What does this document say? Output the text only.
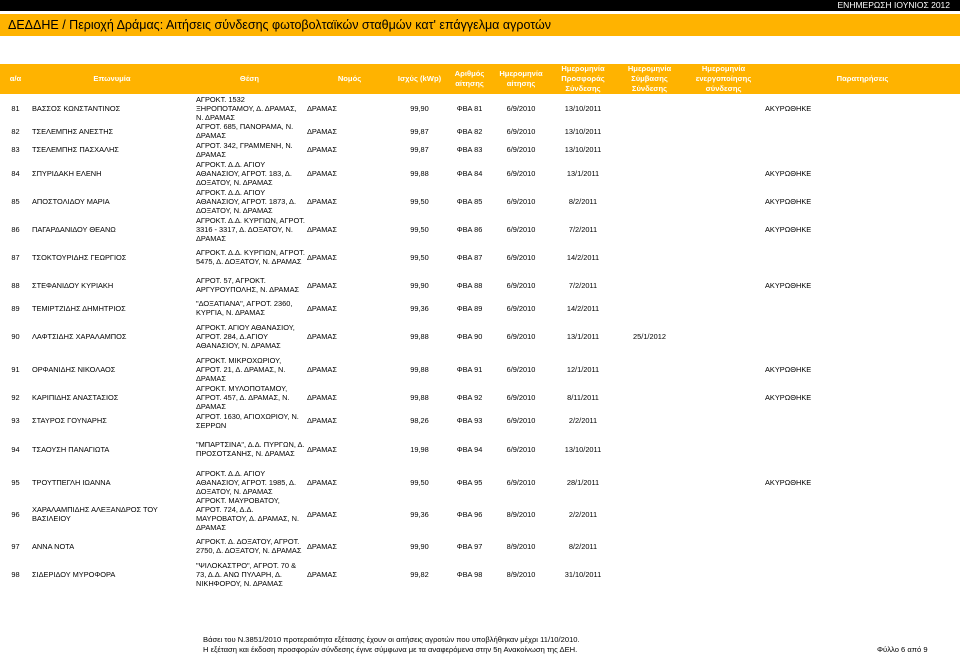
ΕΝΗΜΕΡΩΣΗ ΙΟΥΝΙΟΣ 2012
ΔΕΔΔΗΕ / Περιοχή Δράμας: Αιτήσεις σύνδεσης φωτοβολταϊκών σταθμών κατ' επάγγελμα αγροτών
α/α	Επωνυμία	Θέση	Νομός	Ισχύς (kWp)	Αριθμός αίτησης	Ημερομηνία αίτησης	Ημερομηνία Προσφοράς Σύνδεσης	Ημερομηνία Σύμβασης Σύνδεσης	Ημερομηνία ενεργοποίησης σύνδεσης	Παρατηρήσεις
81	ΒΑΣΣΟΣ ΚΩΝΣΤΑΝΤΙΝΟΣ	ΑΓΡΟΚΤ. 1532 ΞΗΡΟΠΟΤΑΜΟΥ, Δ. ΔΡΑΜΑΣ, Ν. ΔΡΑΜΑΣ	ΔΡΑΜΑΣ	99,90	ΦΒΑ 81	6/9/2010	13/10/2011			ΑΚΥΡΩΘΗΚΕ
82	ΤΣΕΛΕΜΠΗΣ ΑΝΕΣΤΗΣ	ΑΓΡΟΤ. 685, ΠΑΝΟΡΑΜΑ, Ν. ΔΡΑΜΑΣ	ΔΡΑΜΑΣ	99,87	ΦΒΑ 82	6/9/2010	13/10/2011			
83	ΤΣΕΛΕΜΠΗΣ ΠΑΣΧΑΛΗΣ	ΑΓΡΟΤ. 342, ΓΡΑΜΜΕΝΗ, Ν. ΔΡΑΜΑΣ	ΔΡΑΜΑΣ	99,87	ΦΒΑ 83	6/9/2010	13/10/2011			
84	ΣΠΥΡΙΔΑΚΗ ΕΛΕΝΗ	ΑΓΡΟΚΤ. Δ.Δ. ΑΓΙΟΥ ΑΘΑΝΑΣΙΟΥ, ΑΓΡΟΤ. 183, Δ. ΔΟΞΑΤΟΥ, Ν. ΔΡΑΜΑΣ	ΔΡΑΜΑΣ	99,88	ΦΒΑ 84	6/9/2010	13/1/2011			ΑΚΥΡΩΘΗΚΕ
85	ΑΠΟΣΤΟΛΙΔΟΥ ΜΑΡΙΑ	ΑΓΡΟΚΤ. Δ.Δ. ΑΓΙΟΥ ΑΘΑΝΑΣΙΟΥ, ΑΓΡΟΤ. 1873, Δ. ΔΟΞΑΤΟΥ, Ν. ΔΡΑΜΑΣ	ΔΡΑΜΑΣ	99,50	ΦΒΑ 85	6/9/2010	8/2/2011			ΑΚΥΡΩΘΗΚΕ
86	ΠΑΓΑΡΔΑΝΙΔΟΥ ΘΕΑΝΩ	ΑΓΡΟΚΤ. Δ.Δ. ΚΥΡΓΙΩΝ, ΑΓΡΟΤ. 3316 - 3317, Δ. ΔΟΞΑΤΟΥ, Ν. ΔΡΑΜΑΣ	ΔΡΑΜΑΣ	99,50	ΦΒΑ 86	6/9/2010	7/2/2011			ΑΚΥΡΩΘΗΚΕ
87	ΤΣΟΚΤΟΥΡΙΔΗΣ ΓΕΩΡΓΙΟΣ	ΑΓΡΟΚΤ. Δ.Δ. ΚΥΡΓΙΩΝ, ΑΓΡΟΤ. 5475, Δ. ΔΟΞΑΤΟΥ, Ν. ΔΡΑΜΑΣ	ΔΡΑΜΑΣ	99,50	ΦΒΑ 87	6/9/2010	14/2/2011			
88	ΣΤΕΦΑΝΙΔΟΥ ΚΥΡΙΑΚΗ	ΑΓΡΟΤ. 57, ΑΓΡΟΚΤ. ΑΡΓΥΡΟΥΠΟΛΗΣ, Ν. ΔΡΑΜΑΣ	ΔΡΑΜΑΣ	99,90	ΦΒΑ 88	6/9/2010	7/2/2011			ΑΚΥΡΩΘΗΚΕ
89	ΤΕΜΙΡΤΖΙΔΗΣ ΔΗΜΗΤΡΙΟΣ	"ΔΟΞΑΤΙΑΝΑ", ΑΓΡΟΤ. 2360, ΚΥΡΓΙΑ, Ν. ΔΡΑΜΑΣ	ΔΡΑΜΑΣ	99,36	ΦΒΑ 89	6/9/2010	14/2/2011			
90	ΛΑΦΤΣΙΔΗΣ ΧΑΡΑΛΑΜΠΟΣ	ΑΓΡΟΚΤ. ΑΓΙΟΥ ΑΘΑΝΑΣΙΟΥ, ΑΓΡΟΤ. 284, Δ.ΑΓΙΟΥ ΑΘΑΝΑΣΙΟΥ, Ν. ΔΡΑΜΑΣ	ΔΡΑΜΑΣ	99,88	ΦΒΑ 90	6/9/2010	13/1/2011	25/1/2012		
91	ΟΡΦΑΝΙΔΗΣ ΝΙΚΟΛΑΟΣ	ΑΓΡΟΚΤ. ΜΙΚΡΟΧΩΡΙΟΥ, ΑΓΡΟΤ. 21, Δ. ΔΡΑΜΑΣ, Ν. ΔΡΑΜΑΣ	ΔΡΑΜΑΣ	99,88	ΦΒΑ 91	6/9/2010	12/1/2011			ΑΚΥΡΩΘΗΚΕ
92	ΚΑΡΙΠΙΔΗΣ ΑΝΑΣΤΑΣΙΟΣ	ΑΓΡΟΚΤ. ΜΥΛΟΠΟΤΑΜΟΥ, ΑΓΡΟΤ. 457, Δ. ΔΡΑΜΑΣ, Ν. ΔΡΑΜΑΣ	ΔΡΑΜΑΣ	99,88	ΦΒΑ 92	6/9/2010	8/11/2011			ΑΚΥΡΩΘΗΚΕ
93	ΣΤΑΥΡΟΣ ΓΟΥΝΑΡΗΣ	ΑΓΡΟΤ. 1630, ΑΓΙΟΧΩΡΙΟΥ, Ν. ΣΕΡΡΩΝ	ΔΡΑΜΑΣ	98,26	ΦΒΑ 93	6/9/2010	2/2/2011			
94	ΤΣΑΟΥΣΗ ΠΑΝΑΓΙΩΤΑ	"ΜΠΑΡΤΣΙΝΑ", Δ.Δ. ΠΥΡΓΩΝ, Δ. ΠΡΟΣΟΤΣΑΝΗΣ, Ν. ΔΡΑΜΑΣ	ΔΡΑΜΑΣ	19,98	ΦΒΑ 94	6/9/2010	13/10/2011			
95	ΤΡΟΥΤΠΕΓΛΗ ΙΩΑΝΝΑ	ΑΓΡΟΚΤ. Δ.Δ. ΑΓΙΟΥ ΑΘΑΝΑΣΙΟΥ, ΑΓΡΟΤ. 1985, Δ. ΔΟΞΑΤΟΥ, Ν. ΔΡΑΜΑΣ	ΔΡΑΜΑΣ	99,50	ΦΒΑ 95	6/9/2010	28/1/2011			ΑΚΥΡΩΘΗΚΕ
96	ΧΑΡΑΛΑΜΠΙΔΗΣ ΑΛΕΞΑΝΔΡΟΣ ΤΟΥ ΒΑΣΙΛΕΙΟΥ	ΑΓΡΟΚΤ. ΜΑΥΡΟΒΑΤΟΥ, ΑΓΡΟΤ. 724, Δ.Δ. ΜΑΥΡΟΒΑΤΟΥ, Δ. ΔΡΑΜΑΣ, Ν. ΔΡΑΜΑΣ	ΔΡΑΜΑΣ	99,36	ΦΒΑ 96	8/9/2010	2/2/2011			
97	ΑΝΝΑ ΝΟΤΑ	ΑΓΡΟΚΤ. Δ. ΔΟΞΑΤΟΥ, ΑΓΡΟΤ. 2750, Δ. ΔΟΞΑΤΟΥ, Ν. ΔΡΑΜΑΣ	ΔΡΑΜΑΣ	99,90	ΦΒΑ 97	8/9/2010	8/2/2011			
98	ΣΙΔΕΡΙΔΟΥ ΜΥΡΟΦΟΡΑ	"ΨΙΛΟΚΑΣΤΡΟ", ΑΓΡΟΤ. 70 & 73, Δ.Δ. ΑΝΩ ΠΥΛΑΡΗ, Δ. ΝΙΚΗΦΟΡΟΥ, Ν. ΔΡΑΜΑΣ	ΔΡΑΜΑΣ	99,82	ΦΒΑ 98	8/9/2010	31/10/2011			
Βάσει του Ν.3851/2010 προτεραιότητα εξέτασης έχουν οι αιτήσεις αγροτών που υποβλήθηκαν μέχρι 11/10/2010.
Η εξέταση και έκδοση προσφορών σύνδεσης έγινε σύμφωνα με τα αναφερόμενα στην 5η Ανακοίνωση της ΔΕΗ.	Φύλλο 6 από 9
